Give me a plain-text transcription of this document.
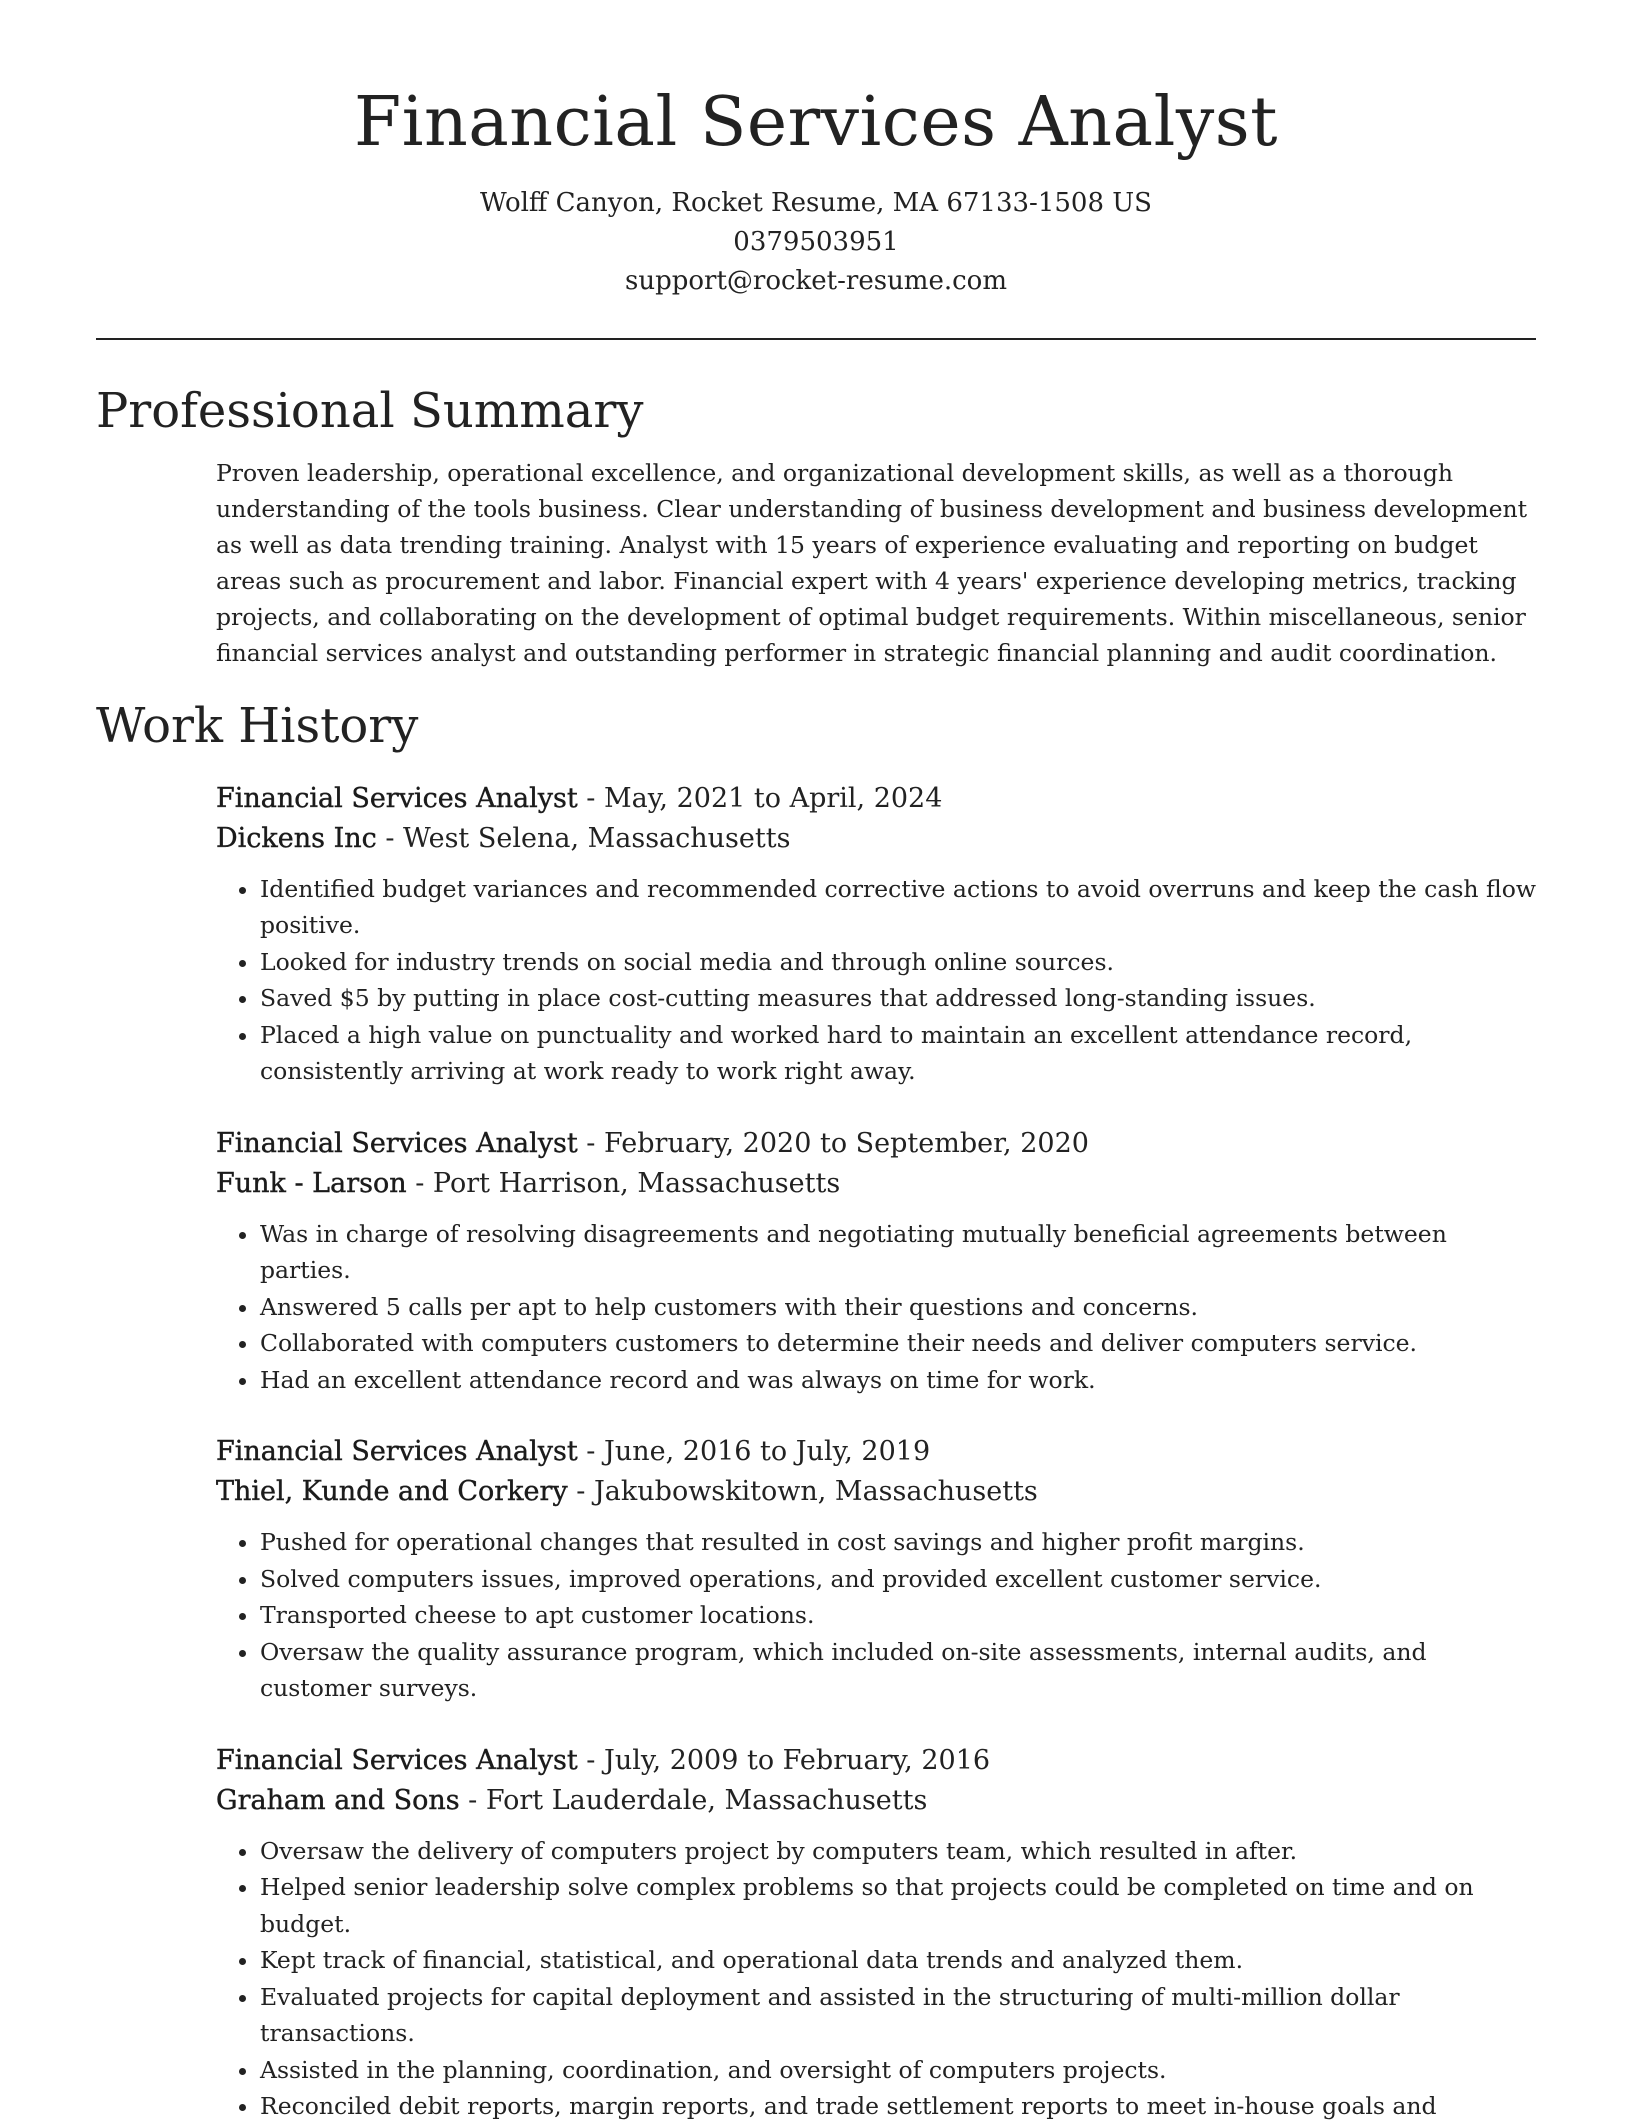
Financial Services Analyst
Wolff Canyon, Rocket Resume, MA 67133-1508 US
0379503951
support@rocket-resume.com
Professional Summary

Proven leadership, operational excellence, and organizational development skills, as well as a thorough understanding of the tools business. Clear understanding of business development and business development as well as data trending training. Analyst with 15 years of experience evaluating and reporting on budget areas such as procurement and labor. Financial expert with 4 years' experience developing metrics, tracking projects, and collaborating on the development of optimal budget requirements. Within miscellaneous, senior financial services analyst and outstanding performer in strategic financial planning and audit coordination.

Work History
Financial Services Analyst - May, 2021 to April, 2024
Dickens Inc - West Selena, Massachusetts
• Identified budget variances and recommended corrective actions to avoid overruns and keep the cash flow positive.
• Looked for industry trends on social media and through online sources.
• Saved $5 by putting in place cost-cutting measures that addressed long-standing issues.
• Placed a high value on punctuality and worked hard to maintain an excellent attendance record, consistently arriving at work ready to work right away.
Financial Services Analyst - February, 2020 to September, 2020
Funk - Larson - Port Harrison, Massachusetts
• Was in charge of resolving disagreements and negotiating mutually beneficial agreements between parties.
• Answered 5 calls per apt to help customers with their questions and concerns.
• Collaborated with computers customers to determine their needs and deliver computers service.
• Had an excellent attendance record and was always on time for work.
Financial Services Analyst - June, 2016 to July, 2019
Thiel, Kunde and Corkery - Jakubowskitown, Massachusetts
• Pushed for operational changes that resulted in cost savings and higher profit margins.
• Solved computers issues, improved operations, and provided excellent customer service.
• Transported cheese to apt customer locations.
• Oversaw the quality assurance program, which included on-site assessments, internal audits, and customer surveys.
Financial Services Analyst - July, 2009 to February, 2016
Graham and Sons - Fort Lauderdale, Massachusetts
• Oversaw the delivery of computers project by computers team, which resulted in after.
• Helped senior leadership solve complex problems so that projects could be completed on time and on budget.
• Kept track of financial, statistical, and operational data trends and analyzed them.
• Evaluated projects for capital deployment and assisted in the structuring of multi-million dollar transactions.
• Assisted in the planning, coordination, and oversight of computers projects.
• Reconciled debit reports, margin reports, and trade settlement reports to meet in-house goals and
